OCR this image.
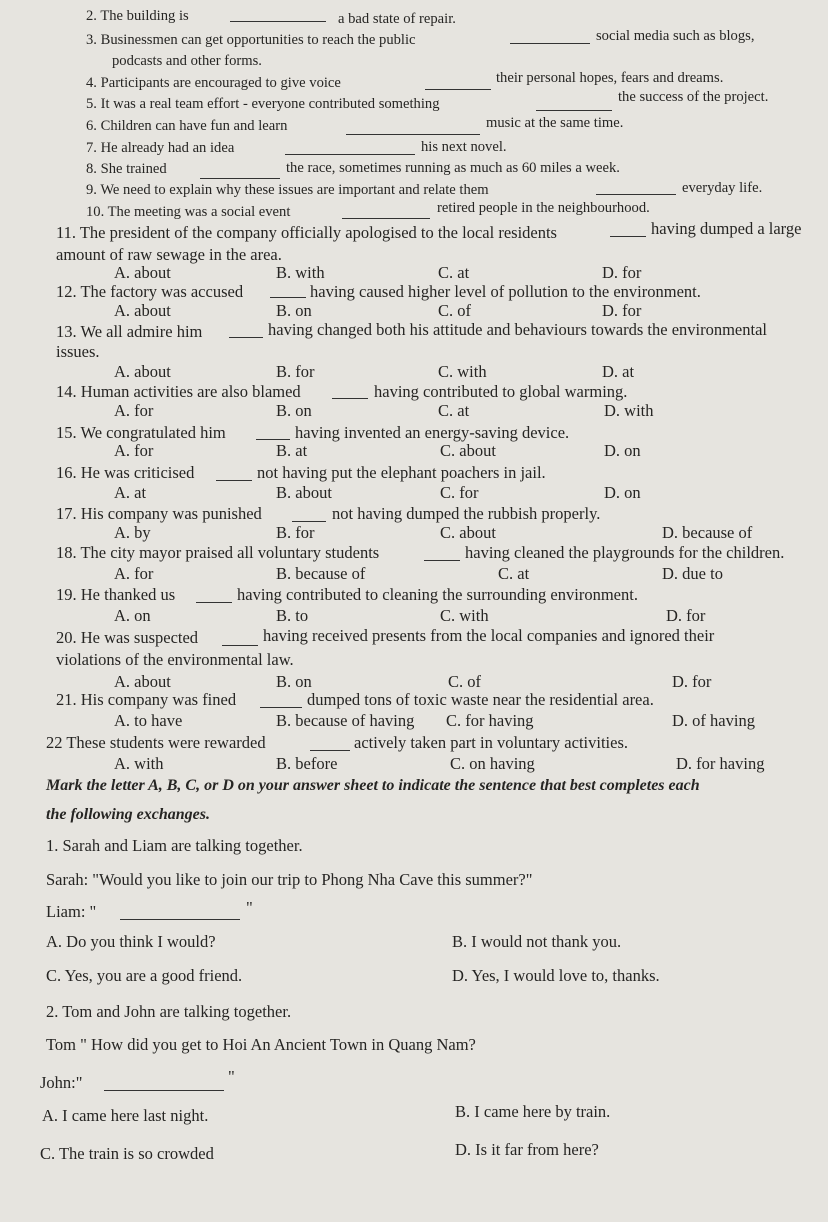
2. The building is	a bad state of repair.
3. Businessmen can get opportunities to reach the public	social media such as blogs,
podcasts and other forms.
4. Participants are encouraged to give voice	their personal hopes, fears and dreams.
5. It was a real team effort - everyone contributed something	the success of the project.
6. Children can have fun and learn	music at the same time.
7. He already had an idea	his next novel.
8. She trained	the race, sometimes running as much as 60 miles a week.
9. We need to explain why these issues are important and relate them	everyday life.
10. The meeting was a social event	retired people in the neighbourhood.
11. The president of the company officially apologised to the local residents	having dumped a large
amount of raw sewage in the area.
A. about	B. with	C. at	D. for
12. The factory was accused	having caused higher level of pollution to the environment.
A. about	B. on	C. of	D. for
13. We all admire him	having changed both his attitude and behaviours towards the environmental
issues.
A. about	B. for	C. with	D. at
14. Human activities are also blamed	having contributed to global warming.
A. for	B. on	C. at	D. with
15. We congratulated him	having invented an energy-saving device.
A. for	B. at	C. about	D. on
16. He was criticised	not having put the elephant poachers in jail.
A. at	B. about	C. for	D. on
17. His company was punished	not having dumped the rubbish properly.
A. by	B. for	C. about	D. because of
18. The city mayor praised all voluntary students	having cleaned the playgrounds for the children.
A. for	B. because of	C. at	D. due to
19. He thanked us	having contributed to cleaning the surrounding environment.
A. on	B. to	C. with	D. for
20. He was suspected	having received presents from the local companies and ignored their
violations of the environmental law.
A. about	B. on	C. of	D. for
21. His company was fined	dumped tons of toxic waste near the residential area.
A. to have	B. because of having C. for having	D. of having
22 These students were rewarded	actively taken part in voluntary activities.
A. with	B. before	C. on having	D. for having
Mark the letter A, B, C, or D on your answer sheet to indicate the sentence that best completes each
the following exchanges.
1. Sarah and Liam are talking together.
Sarah: "Would you like to join our trip to Phong Nha Cave this summer?"
Liam: "	"
A. Do you think I would?	B. I would not thank you.
C. Yes, you are a good friend.	D. Yes, I would love to, thanks.
2. Tom and John are talking together.
Tom " How did you get to Hoi An Ancient Town in Quang Nam?
John:"	"
A. I came here last night.	B. I came here by train.
C. The train is so crowded	D. Is it far from here?
